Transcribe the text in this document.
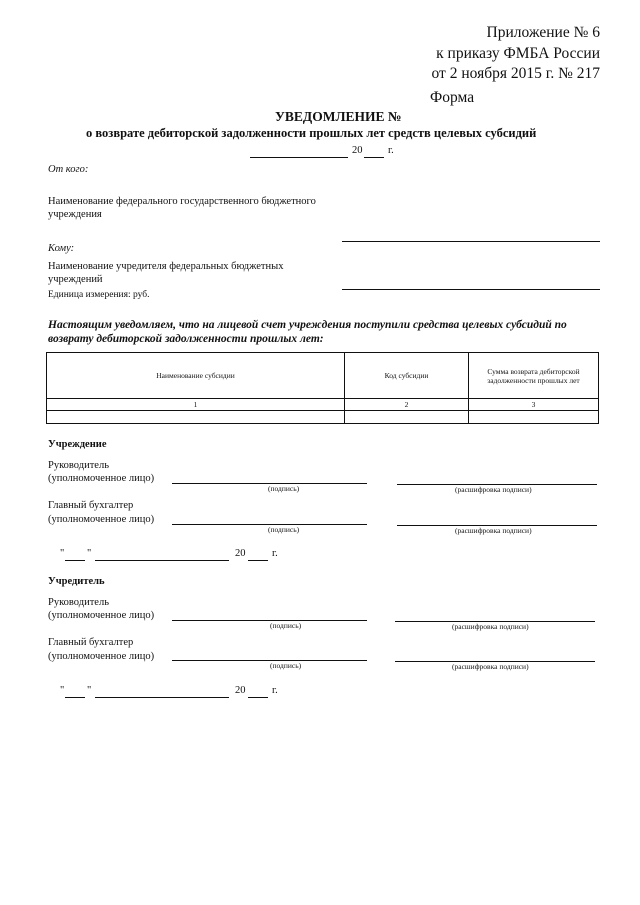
Приложение № 6
к приказу ФМБА России
от 2 ноября 2015 г. № 217
Форма
УВЕДОМЛЕНИЕ №
о возврате дебиторской задолженности прошлых лет средств целевых субсидий
20 г.
От кого:
Наименование федерального государственного бюджетного учреждения
Кому:
Наименование учредителя федеральных бюджетных учреждений
Единица измерения: руб.
Настоящим уведомляем, что на лицевой счет учреждения поступили средства целевых субсидий по возврату дебиторской задолженности прошлых лет:
Наименование субсидии	Код субсидии	Сумма возврата дебиторской задолженности прошлых лет
1	2	3

Учреждение
Руководитель
(уполномоченное лицо)
(подпись)	(расшифровка подписи)
Главный бухгалтер
(уполномоченное лицо)
(подпись)	(расшифровка подписи)
" "	20	г.
Учредитель
Руководитель
(уполномоченное лицо)
(подпись)	(расшифровка подписи)
Главный бухгалтер
(уполномоченное лицо)
(подпись)	(расшифровка подписи)
" "	20	г.
